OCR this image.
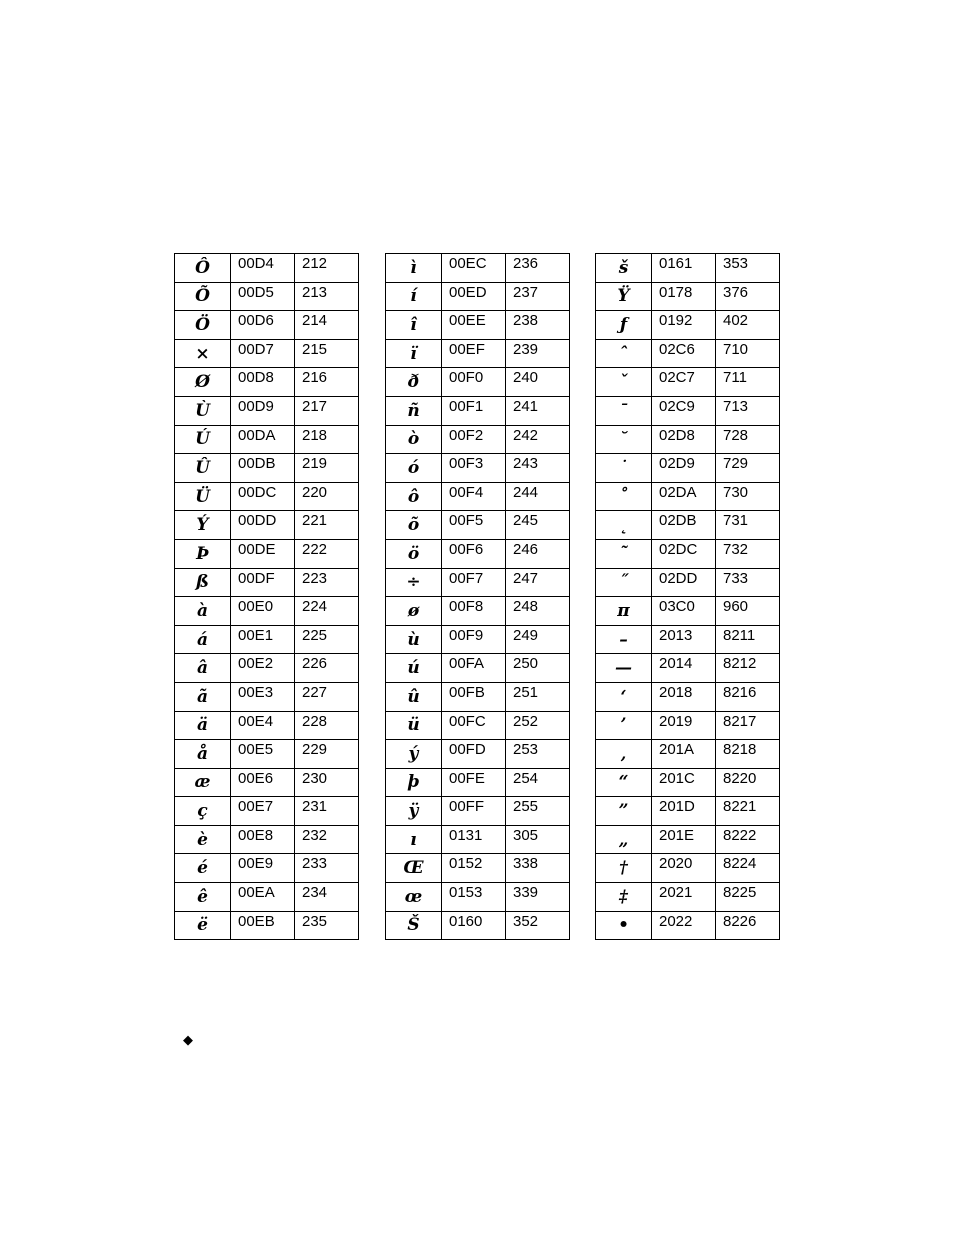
Ô	00D4	212
Õ	00D5	213
Ö	00D6	214
×	00D7	215
Ø	00D8	216
Ù	00D9	217
Ú	00DA	218
Û	00DB	219
Ü	00DC	220
Ý	00DD	221
Þ	00DE	222
ß	00DF	223
à	00E0	224
á	00E1	225
â	00E2	226
ã	00E3	227
ä	00E4	228
å	00E5	229
æ	00E6	230
ç	00E7	231
è	00E8	232
é	00E9	233
ê	00EA	234
ë	00EB	235
ì	00EC	236
í	00ED	237
î	00EE	238
ï	00EF	239
ð	00F0	240
ñ	00F1	241
ò	00F2	242
ó	00F3	243
ô	00F4	244
õ	00F5	245
ö	00F6	246
÷	00F7	247
ø	00F8	248
ù	00F9	249
ú	00FA	250
û	00FB	251
ü	00FC	252
ý	00FD	253
þ	00FE	254
ÿ	00FF	255
ı	0131	305
Œ	0152	338
œ	0153	339
Š	0160	352
š	0161	353
Ÿ	0178	376
ƒ	0192	402
ˆ	02C6	710
ˇ	02C7	711
ˉ	02C9	713
˘	02D8	728
˙	02D9	729
˚	02DA	730
˛	02DB	731
˜	02DC	732
˝	02DD	733
π	03C0	960
–	2013	8211
—	2014	8212
‘	2018	8216
’	2019	8217
‚	201A	8218
“	201C	8220
”	201D	8221
„	201E	8222
†	2020	8224
‡	2021	8225
•	2022	8226
◆
